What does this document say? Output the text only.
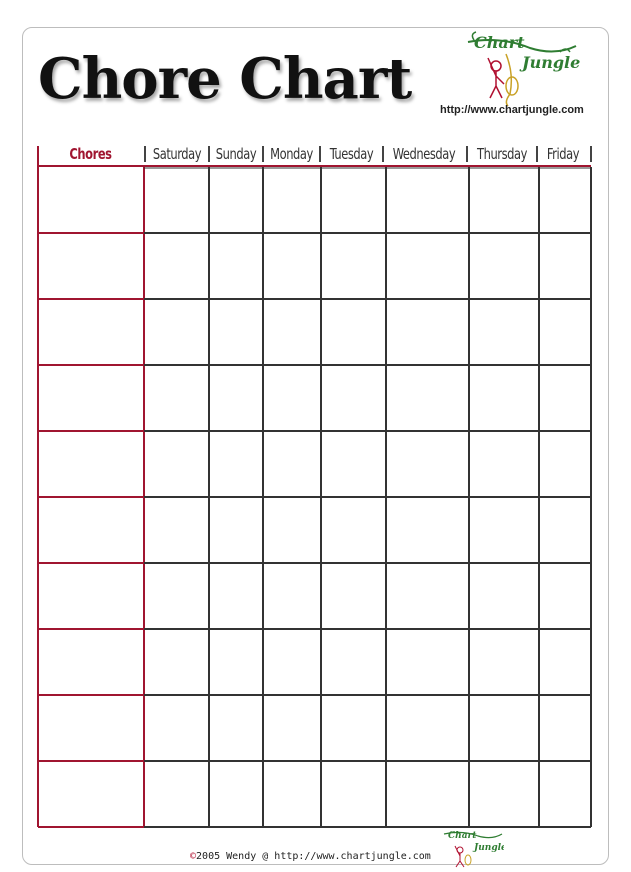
Chore Chart
Chart
Jungle
http://www.chartjungle.com
Chores	Saturday Sunday Monday Tuesday Wednesday Thursday	Friday
©2005 Wendy @ http://www.chartjungle.com
Chart
Jungle
